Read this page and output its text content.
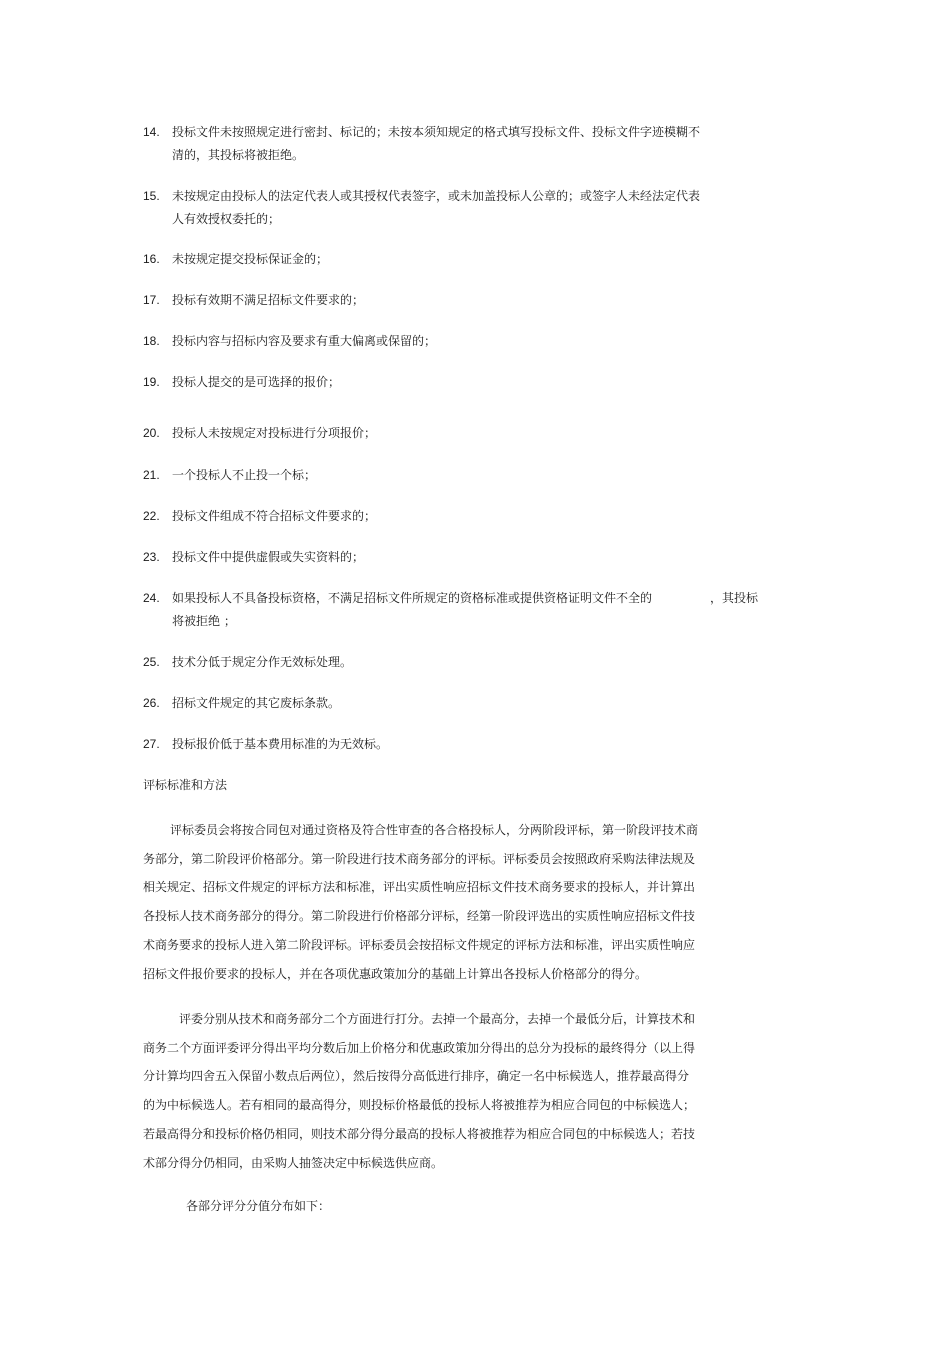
14.	投标文件未按照规定进行密封、标记的；未按本须知规定的格式填写投标文件、投标文件字迹模糊不
清的，其投标将被拒绝。
15.	未按规定由投标人的法定代表人或其授权代表签字，或未加盖投标人公章的；或签字人未经法定代表
人有效授权委托的；
16.	未按规定提交投标保证金的；
17.	投标有效期不满足招标文件要求的；
18.	投标内容与招标内容及要求有重大偏离或保留的；
19.	投标人提交的是可选择的报价；
20.	投标人未按规定对投标进行分项报价；
21.	一个投标人不止投一个标；
22.	投标文件组成不符合招标文件要求的；
23.	投标文件中提供虚假或失实资料的；
24.	如果投标人不具备投标资格，不满足招标文件所规定的资格标准或提供资格证明文件不全的	，其投标
将被拒绝 ；
25.	技术分低于规定分作无效标处理。
26.	招标文件规定的其它废标条款。
27.	投标报价低于基本费用标准的为无效标。
评标标准和方法
评标委员会将按合同包对通过资格及符合性审查的各合格投标人，分两阶段评标，第一阶段评技术商
务部分，第二阶段评价格部分。第一阶段进行技术商务部分的评标。评标委员会按照政府采购法律法规及
相关规定、招标文件规定的评标方法和标准，评出实质性响应招标文件技术商务要求的投标人，并计算出
各投标人技术商务部分的得分。第二阶段进行价格部分评标，经第一阶段评选出的实质性响应招标文件技
术商务要求的投标人进入第二阶段评标。评标委员会按招标文件规定的评标方法和标准，评出实质性响应
招标文件报价要求的投标人，并在各项优惠政策加分的基础上计算出各投标人价格部分的得分。
评委分别从技术和商务部分二个方面进行打分。去掉一个最高分，去掉一个最低分后，计算技术和
商务二个方面评委评分得出平均分数后加上价格分和优惠政策加分得出的总分为投标的最终得分（以上得
分计算均四舍五入保留小数点后两位），然后按得分高低进行排序，确定一名中标候选人，推荐最高得分
的为中标候选人。若有相同的最高得分，则投标价格最低的投标人将被推荐为相应合同包的中标候选人；
若最高得分和投标价格仍相同，则技术部分得分最高的投标人将被推荐为相应合同包的中标候选人；若技
术部分得分仍相同，由采购人抽签决定中标候选供应商。
各部分评分分值分布如下：
